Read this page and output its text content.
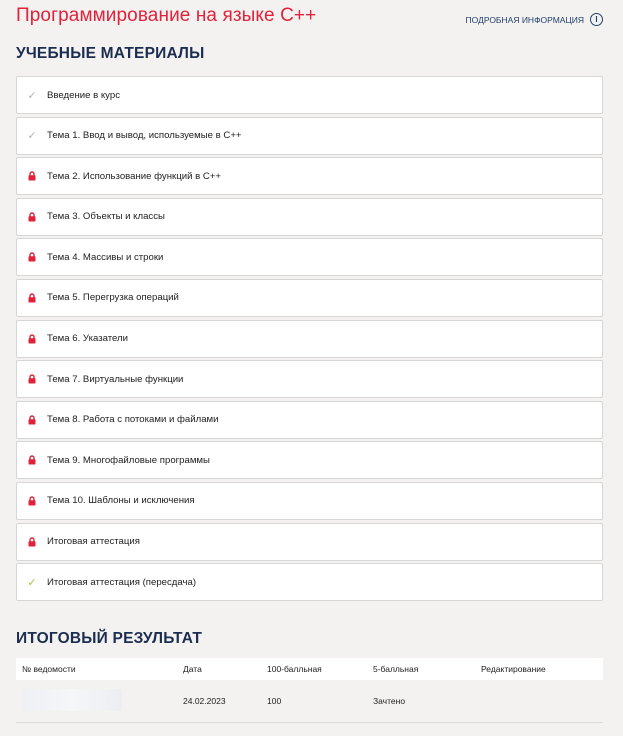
Программирование на языке С++	ПОДРОБНАЯ ИНФОРМАЦИЯ	I
УЧЕБНЫЕ МАТЕРИАЛЫ
✓	Введение в курс
✓	Тема 1. Ввод и вывод, используемые в С++
Тема 2. Использование функций в С++
Тема 3. Объекты и классы
Тема 4. Массивы и строки
Тема 5. Перегрузка операций
Тема 6. Указатели
Тема 7. Виртуальные функции
Тема 8. Работа с потоками и файлами
Тема 9. Многофайловые программы
Тема 10. Шаблоны и исключения
Итоговая аттестация
✓	Итоговая аттестация (пересдача)
ИТОГОВЫЙ РЕЗУЛЬТАТ
№ ведомости	Дата	100-балльная	5-балльная	Редактирование
	24.02.2023	100	Зачтено	
